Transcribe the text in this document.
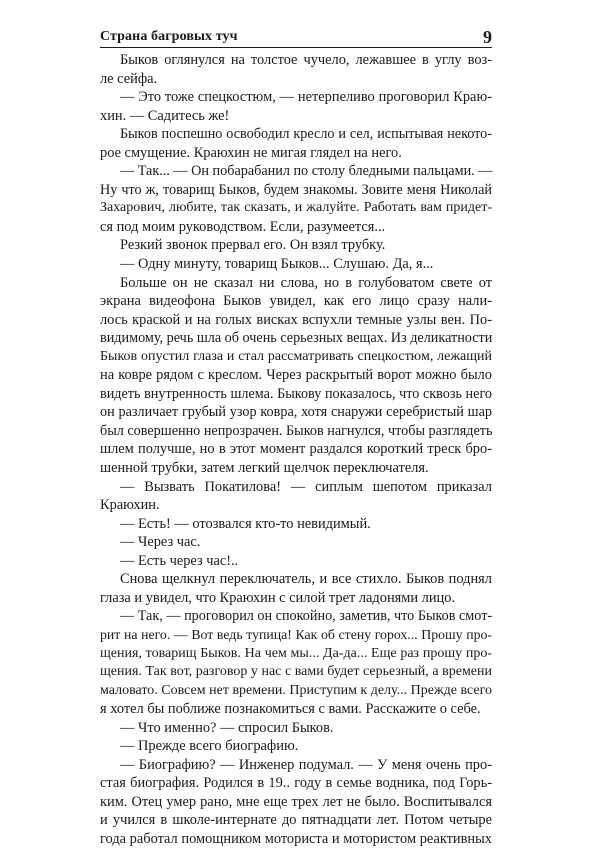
Страна багровых туч	9
Быков оглянулся на толстое чучело, лежавшее в углу воз-
ле сейфа.
— Это тоже спецкостюм, — нетерпеливо проговорил Краю-
хин. — Садитесь же!
Быков поспешно освободил кресло и сел, испытывая некото-
рое смущение. Краюхин не мигая глядел на него.
— Так... — Он побарабанил по столу бледными пальцами. —
Ну что ж, товарищ Быков, будем знакомы. Зовите меня Николай
Захарович, любите, так сказать, и жалуйте. Работать вам придет-
ся под моим руководством. Если, разумеется...
Резкий звонок прервал его. Он взял трубку.
— Одну минуту, товарищ Быков... Слушаю. Да, я...
Больше он не сказал ни слова, но в голубоватом свете от
экрана видеофона Быков увидел, как его лицо сразу нали-
лось краской и на голых висках вспухли темные узлы вен. По-
видимому, речь шла об очень серьезных вещах. Из деликатности
Быков опустил глаза и стал рассматривать спецкостюм, лежащий
на ковре рядом с креслом. Через раскрытый ворот можно было
видеть внутренность шлема. Быкову показалось, что сквозь него
он различает грубый узор ковра, хотя снаружи серебристый шар
был совершенно непрозрачен. Быков нагнулся, чтобы разглядеть
шлем получше, но в этот момент раздался короткий треск бро-
шенной трубки, затем легкий щелчок переключателя.
— Вызвать Покатилова! — сиплым шепотом приказал
Краюхин.
— Есть! — отозвался кто-то невидимый.
— Через час.
— Есть через час!..
Снова щелкнул переключатель, и все стихло. Быков поднял
глаза и увидел, что Краюхин с силой трет ладонями лицо.
— Так, — проговорил он спокойно, заметив, что Быков смот-
рит на него. — Вот ведь тупица! Как об стену горох... Прошу про-
щения, товарищ Быков. На чем мы... Да-да... Еще раз прошу про-
щения. Так вот, разговор у нас с вами будет серьезный, а времени
маловато. Совсем нет времени. Приступим к делу... Прежде всего
я хотел бы поближе познакомиться с вами. Расскажите о себе.
— Что именно? — спросил Быков.
— Прежде всего биографию.
— Биографию? — Инженер подумал. — У меня очень про-
стая биография. Родился в 19.. году в семье водника, под Горь-
ким. Отец умер рано, мне еще трех лет не было. Воспитывался
и учился в школе-интернате до пятнадцати лет. Потом четыре
года работал помощником моториста и мотористом реактивных
